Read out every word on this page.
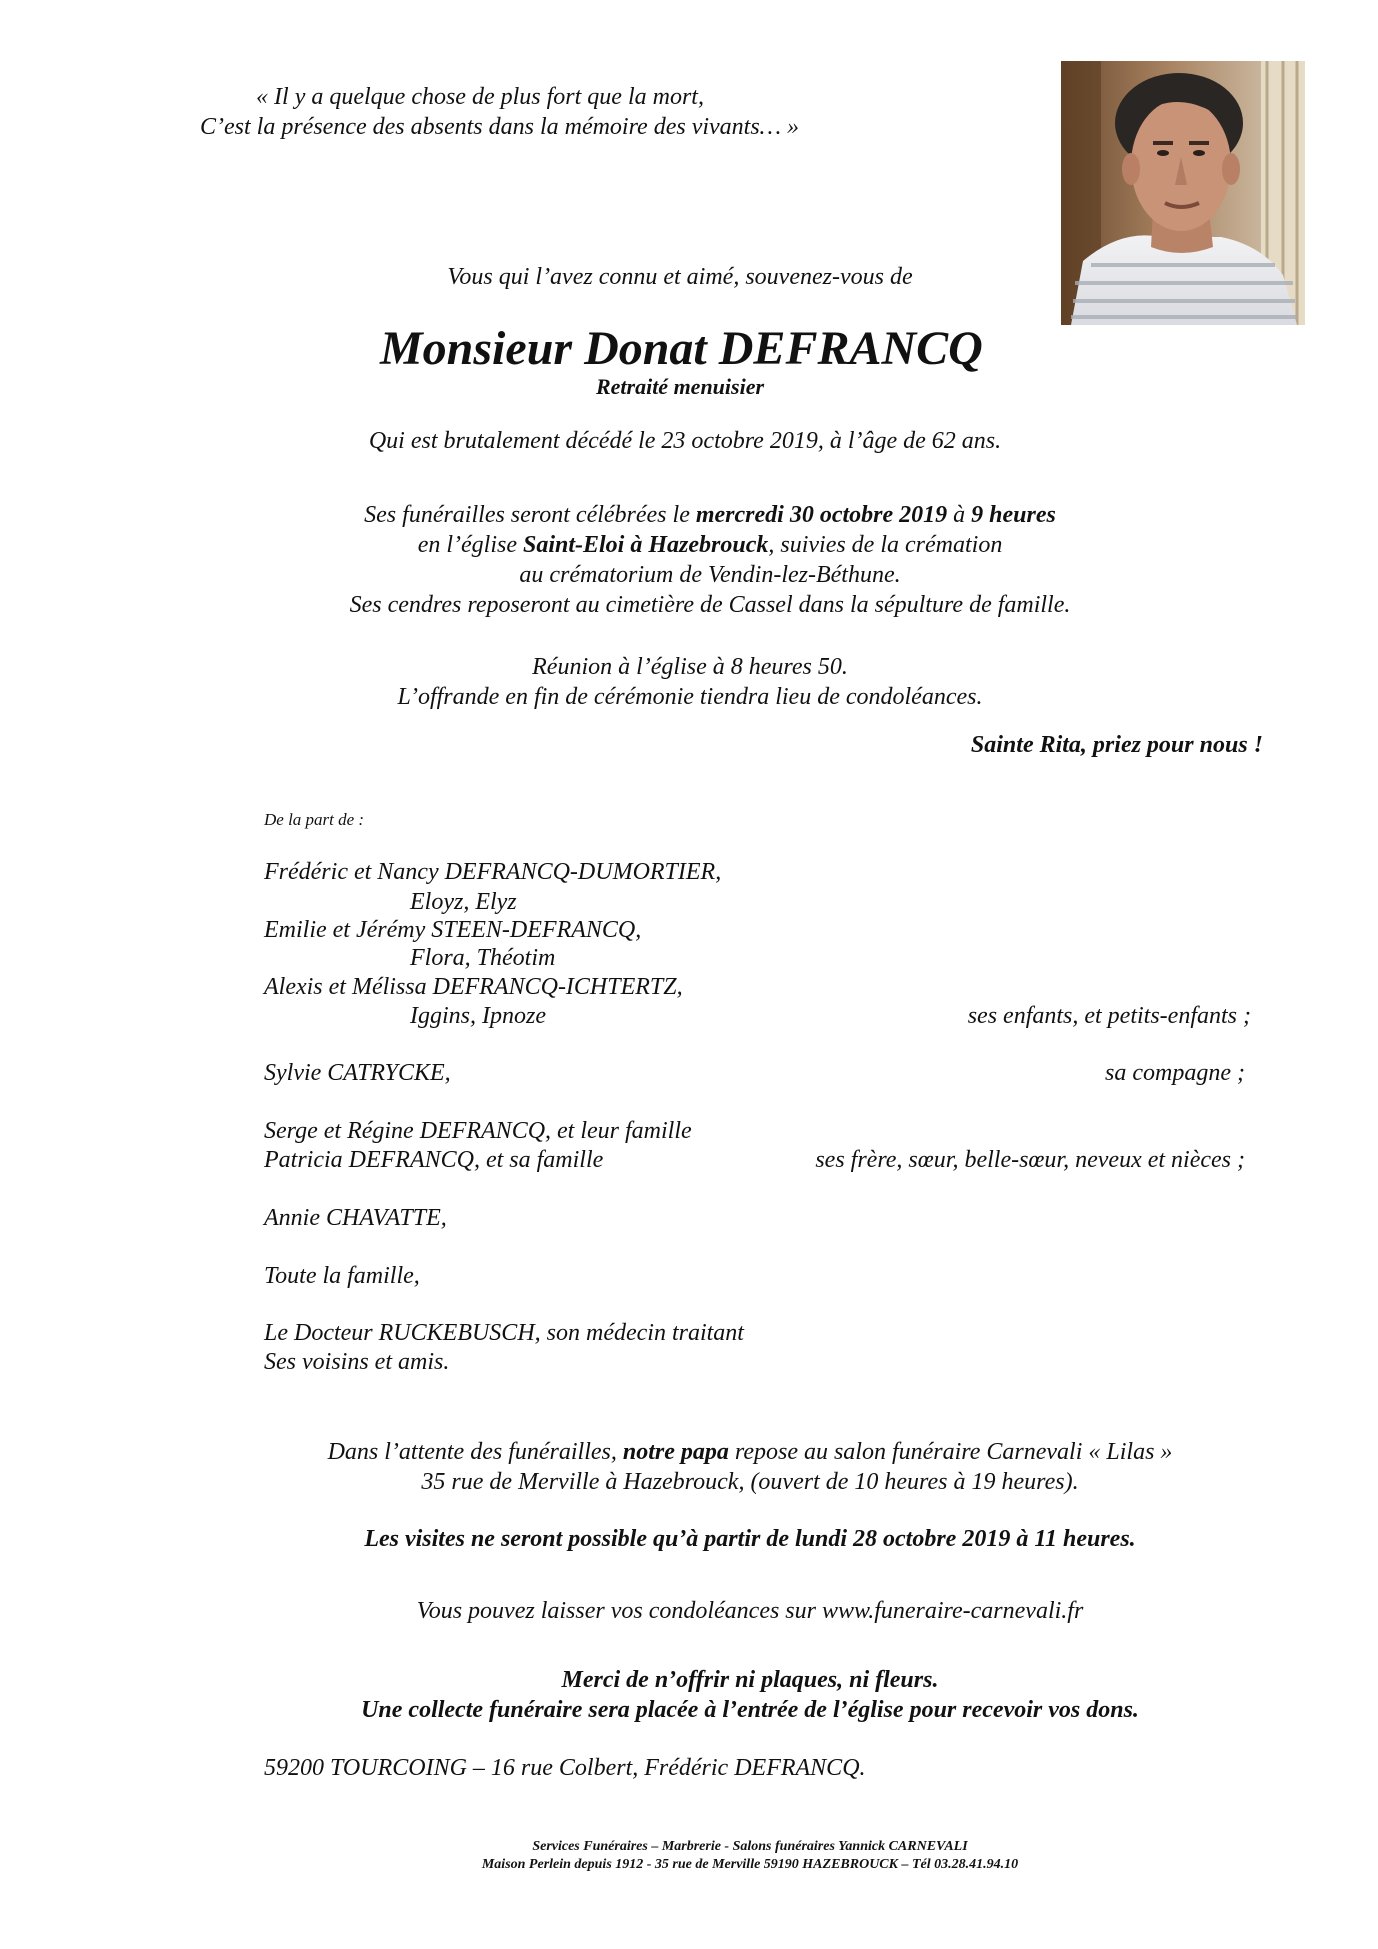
« Il y a quelque chose de plus fort que la mort,
C’est la présence des absents dans la mémoire des vivants… »
Vous qui l’avez connu et aimé, souvenez-vous de
Monsieur Donat DEFRANCQ
Retraité menuisier
Qui est brutalement décédé le 23 octobre 2019, à l’âge de 62 ans.
Ses funérailles seront célébrées le mercredi 30 octobre 2019 à 9 heures
en l’église Saint-Eloi à Hazebrouck, suivies de la crémation
au crématorium de Vendin-lez-Béthune.
Ses cendres reposeront au cimetière de Cassel dans la sépulture de famille.
Réunion à l’église à 8 heures 50.
L’offrande en fin de cérémonie tiendra lieu de condoléances.
Sainte Rita, priez pour nous !
De la part de :
Frédéric et Nancy DEFRANCQ-DUMORTIER,
Eloyz, Elyz
Emilie et Jérémy STEEN-DEFRANCQ,
Flora, Théotim
Alexis et Mélissa DEFRANCQ-ICHTERTZ,
Iggins, Ipnoze	ses enfants, et petits-enfants ;
Sylvie CATRYCKE,	sa compagne ;
Serge et Régine DEFRANCQ, et leur famille
Patricia DEFRANCQ, et sa famille	ses frère, sœur, belle-sœur, neveux et nièces ;
Annie CHAVATTE,
Toute la famille,
Le Docteur RUCKEBUSCH, son médecin traitant
Ses voisins et amis.
Dans l’attente des funérailles, notre papa repose au salon funéraire Carnevali « Lilas »
35 rue de Merville à Hazebrouck, (ouvert de 10 heures à 19 heures).
Les visites ne seront possible qu’à partir de lundi 28 octobre 2019 à 11 heures.
Vous pouvez laisser vos condoléances sur www.funeraire-carnevali.fr
Merci de n’offrir ni plaques, ni fleurs.
Une collecte funéraire sera placée à l’entrée de l’église pour recevoir vos dons.
59200 TOURCOING – 16 rue Colbert, Frédéric DEFRANCQ.
Services Funéraires – Marbrerie - Salons funéraires Yannick CARNEVALI
Maison Perlein depuis 1912 - 35 rue de Merville 59190 HAZEBROUCK – Tél 03.28.41.94.10
